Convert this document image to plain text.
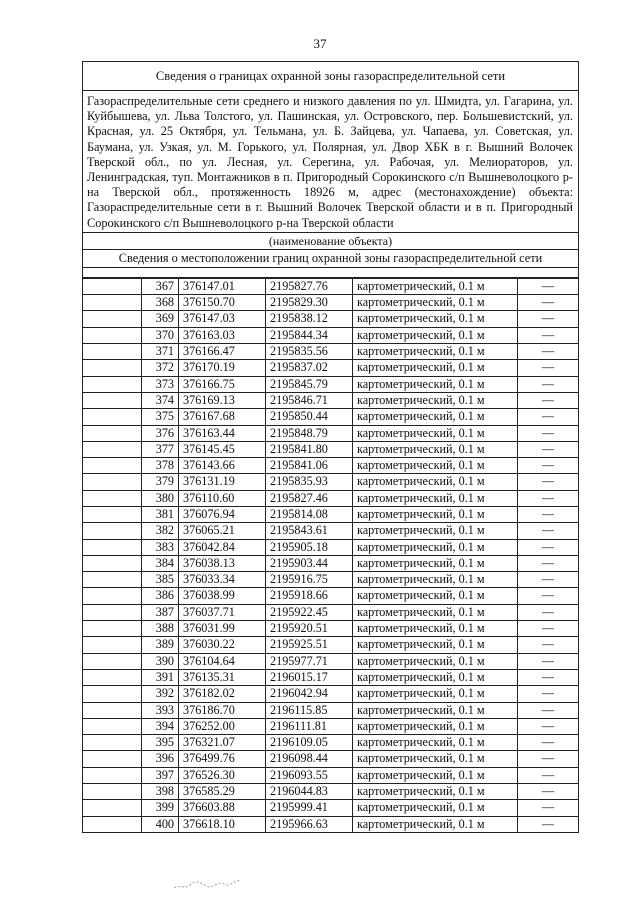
37
Сведения о границах охранной зоны газораспределительной сети
Газораспределительные сети среднего и низкого давления по ул. Шмидта, ул. Гагарина, ул. Куйбышева, ул. Льва Толстого, ул. Пашинская, ул. Островского, пер. Большевистский, ул. Красная, ул. 25 Октября, ул. Тельмана, ул. Б. Зайцева, ул. Чапаева, ул. Советская, ул. Баумана, ул. Узкая, ул. М. Горького, ул. Полярная, ул. Двор ХБК в г. Вышний Волочек Тверской обл., по ул. Лесная, ул. Серегина, ул. Рабочая, ул. Мелиораторов, ул. Ленинградская, туп. Монтажников в п. Пригородный Сорокинского с/п Вышневолоцкого р-на Тверской обл., протяженность 18926 м, адрес (местонахождение) объекта: Газораспределительные сети в г. Вышний Волочек Тверской области и в п. Пригородный Сорокинского с/п Вышневолоцкого р-на Тверской области
(наименование объекта)
Сведения о местоположении границ охранной зоны газораспределительной сети
	367	376147.01	2195827.76	картометрический, 0.1 м	—
	368	376150.70	2195829.30	картометрический, 0.1 м	—
	369	376147.03	2195838.12	картометрический, 0.1 м	—
	370	376163.03	2195844.34	картометрический, 0.1 м	—
	371	376166.47	2195835.56	картометрический, 0.1 м	—
	372	376170.19	2195837.02	картометрический, 0.1 м	—
	373	376166.75	2195845.79	картометрический, 0.1 м	—
	374	376169.13	2195846.71	картометрический, 0.1 м	—
	375	376167.68	2195850.44	картометрический, 0.1 м	—
	376	376163.44	2195848.79	картометрический, 0.1 м	—
	377	376145.45	2195841.80	картометрический, 0.1 м	—
	378	376143.66	2195841.06	картометрический, 0.1 м	—
	379	376131.19	2195835.93	картометрический, 0.1 м	—
	380	376110.60	2195827.46	картометрический, 0.1 м	—
	381	376076.94	2195814.08	картометрический, 0.1 м	—
	382	376065.21	2195843.61	картометрический, 0.1 м	—
	383	376042.84	2195905.18	картометрический, 0.1 м	—
	384	376038.13	2195903.44	картометрический, 0.1 м	—
	385	376033.34	2195916.75	картометрический, 0.1 м	—
	386	376038.99	2195918.66	картометрический, 0.1 м	—
	387	376037.71	2195922.45	картометрический, 0.1 м	—
	388	376031.99	2195920.51	картометрический, 0.1 м	—
	389	376030.22	2195925.51	картометрический, 0.1 м	—
	390	376104.64	2195977.71	картометрический, 0.1 м	—
	391	376135.31	2196015.17	картометрический, 0.1 м	—
	392	376182.02	2196042.94	картометрический, 0.1 м	—
	393	376186.70	2196115.85	картометрический, 0.1 м	—
	394	376252.00	2196111.81	картометрический, 0.1 м	—
	395	376321.07	2196109.05	картометрический, 0.1 м	—
	396	376499.76	2196098.44	картометрический, 0.1 м	—
	397	376526.30	2196093.55	картометрический, 0.1 м	—
	398	376585.29	2196044.83	картометрический, 0.1 м	—
	399	376603.88	2195999.41	картометрический, 0.1 м	—
	400	376618.10	2195966.63	картометрический, 0.1 м	—
